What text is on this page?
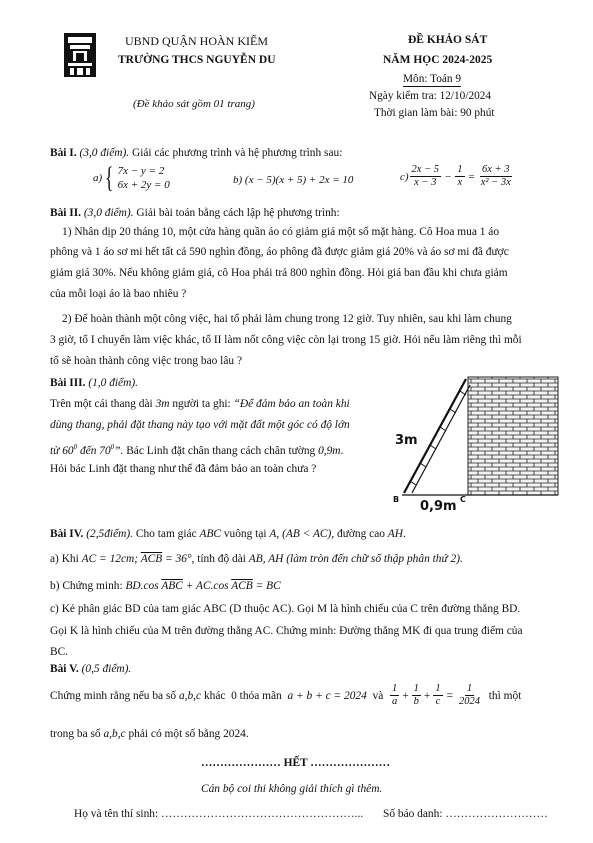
UBND QUẬN HOÀN KIẾM
TRƯỜNG THCS NGUYỄN DU
(Đề khảo sát gồm 01 trang)
ĐỀ KHẢO SÁT
NĂM HỌC 2024-2025
Môn: Toán 9
Ngày kiểm tra: 12/10/2024
Thời gian làm bài: 90 phút
Bài I. (3,0 điểm). Giải các phương trình và hệ phương trình sau:
a) { 7x − y = 2
6x + 2y = 0	b) (x − 5)(x + 5) + 2x = 10	$c) \frac{2x - 5}{x - 3} - \frac{1}{x} = \frac{6x + 3}{\text{x² − 3x}}$
Bài II. (3,0 điểm). Giải bài toán bằng cách lập hệ phương trình:
1) Nhân dịp 20 tháng 10, một cửa hàng quần áo có giảm giá một số mặt hàng. Cô Hoa mua 1 áo
phông và 1 áo sơ mi hết tất cả 590 nghìn đồng, áo phông đã được giảm giá 20% và áo sơ mi đã được
giảm giá 30%. Nếu không giảm giá, cô Hoa phải trả 800 nghìn đồng. Hỏi giá ban đầu khi chưa giảm
của mỗi loại áo là bao nhiêu ?
2) Để hoàn thành một công việc, hai tổ phải làm chung trong 12 giờ. Tuy nhiên, sau khi làm chung
3 giờ, tổ I chuyển làm việc khác, tổ II làm nốt công việc còn lại trong 15 giờ. Hỏi nếu làm riêng thì mỗi
tổ sẽ hoàn thành công việc trong bao lâu ?
Bài III. (1,0 điểm).
Trên một cái thang dài 3m người ta ghi: “Để đảm bảo an toàn khi
dùng thang, phải đặt thang này tạo với mặt đất một góc có độ lớn
từ $60^0$ đến $70^0$”. Bác Linh đặt chân thang cách chân tường 0,9m.
Hỏi bác Linh đặt thang như thế đã đảm bảo an toàn chưa ?
3m
B	C
0,9m
Bài IV. (2,5điểm). Cho tam giác ABC vuông tại A, (AB < AC), đường cao AH.
a) Khi AC = 12cm; $\overline{ACB} = 36^\circ$, tính độ dài AB, AH (làm tròn đến chữ số thập phân thứ 2).
b) Chứng minh: BD.cos $\overline{ABC} + AC.\cos$ $\overline{ACB}$ = BC
c) Kẻ phân giác BD của tam giác ABC (D thuộc AC). Gọi M là hình chiếu của C trên đường thẳng BD.
Gọi K là hình chiếu của M trên đường thẳng AC. Chứng minh: Đường thẳng MK đi qua trung điểm của
BC.
Bài V. (0,5 điểm).
Chứng minh rằng nếu ba số a,b,c khác  0 thỏa mãn a + b + c = 2024 và $\frac{1}{a} + \frac{1}{b} + \frac{1}{c} = \frac{1}{2024}$ thì một
trong ba số a,b,c phải có một số bằng 2024.
………………… HẾT …………………
Cán bộ coi thi không giải thích gì thêm.
Họ và tên thí sinh: ……………………………………………... Số báo danh: ………………………
